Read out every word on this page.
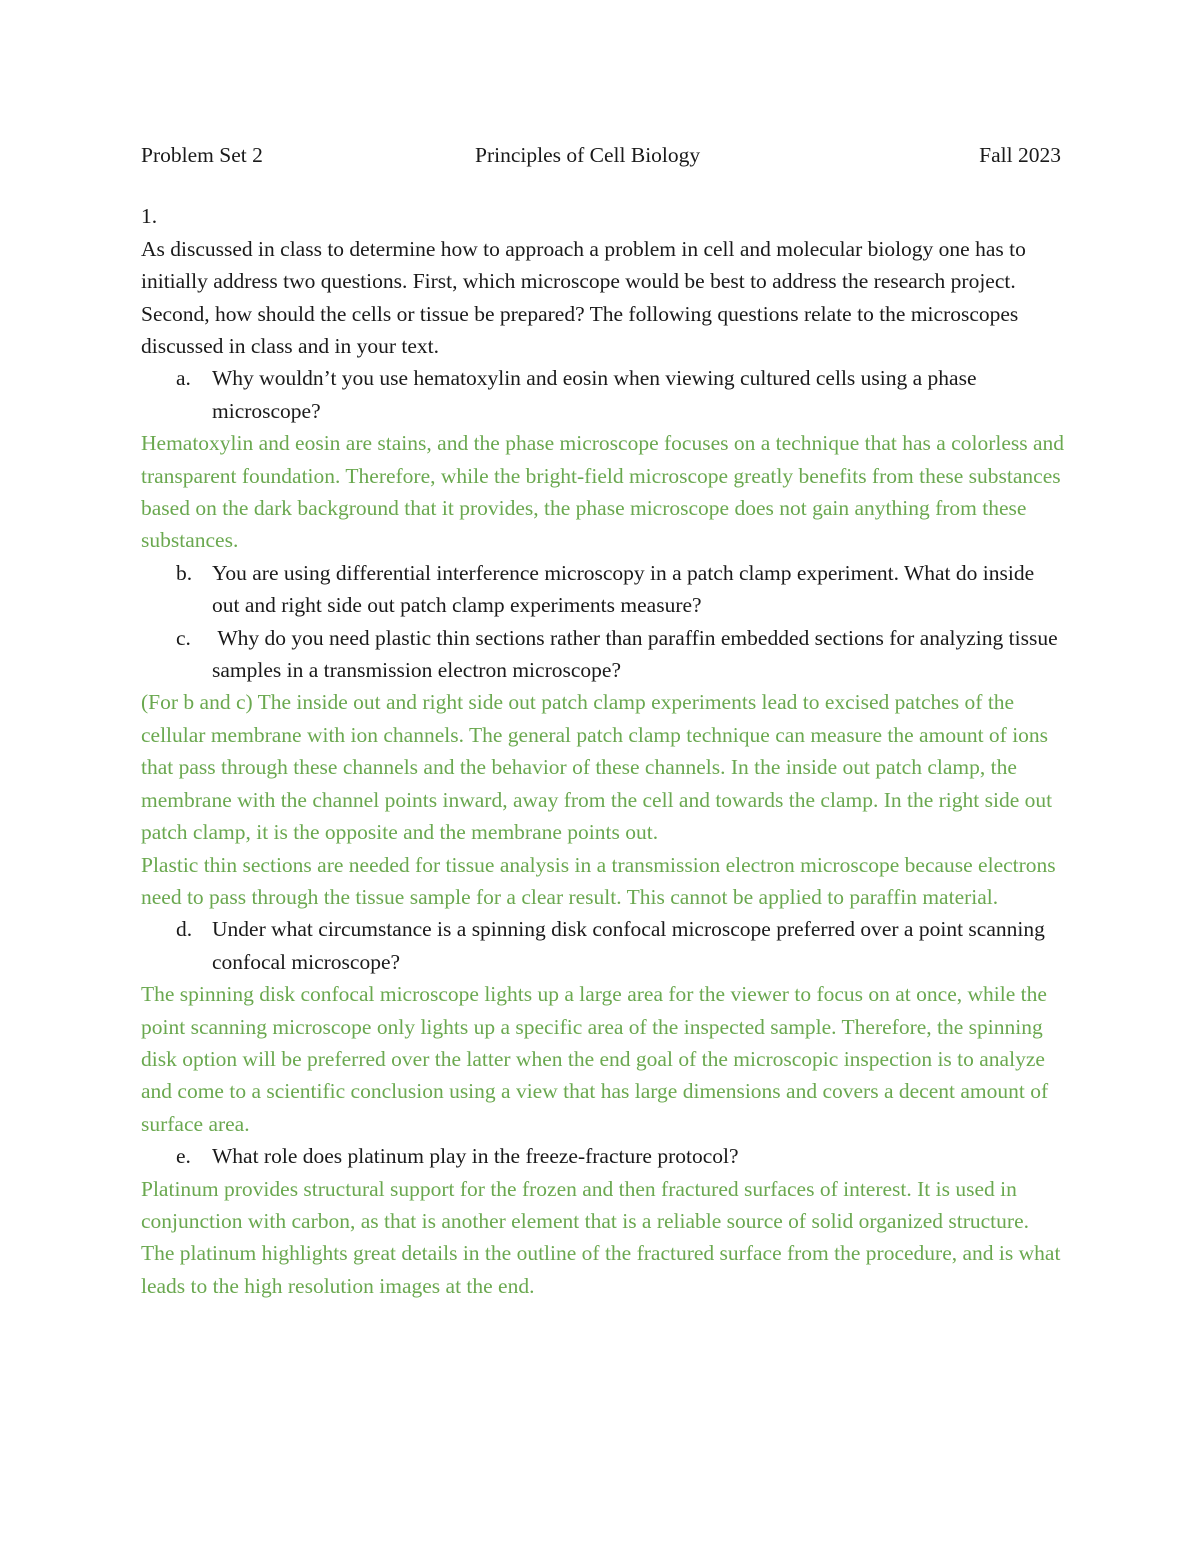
Problem Set 2	Principles of Cell Biology	Fall 2023

1.

As discussed in class to determine how to approach a problem in cell and molecular biology one has to initially address two questions. First, which microscope would be best to address the research project. Second, how should the cells or tissue be prepared? The following questions relate to the microscopes discussed in class and in your text.

a. Why wouldn’t you use hematoxylin and eosin when viewing cultured cells using a phase microscope?

Hematoxylin and eosin are stains, and the phase microscope focuses on a technique that has a colorless and transparent foundation. Therefore, while the bright-field microscope greatly benefits from these substances based on the dark background that it provides, the phase microscope does not gain anything from these substances.

b. You are using differential interference microscopy in a patch clamp experiment. What do inside out and right side out patch clamp experiments measure?
c. Why do you need plastic thin sections rather than paraffin embedded sections for analyzing tissue samples in a transmission electron microscope?

(For b and c) The inside out and right side out patch clamp experiments lead to excised patches of the cellular membrane with ion channels. The general patch clamp technique can measure the amount of ions that pass through these channels and the behavior of these channels. In the inside out patch clamp, the membrane with the channel points inward, away from the cell and towards the clamp. In the right side out patch clamp, it is the opposite and the membrane points out.

Plastic thin sections are needed for tissue analysis in a transmission electron microscope because electrons need to pass through the tissue sample for a clear result. This cannot be applied to paraffin material.

d. Under what circumstance is a spinning disk confocal microscope preferred over a point scanning confocal microscope?

The spinning disk confocal microscope lights up a large area for the viewer to focus on at once, while the point scanning microscope only lights up a specific area of the inspected sample. Therefore, the spinning disk option will be preferred over the latter when the end goal of the microscopic inspection is to analyze and come to a scientific conclusion using a view that has large dimensions and covers a decent amount of surface area.

e. What role does platinum play in the freeze-fracture protocol?

Platinum provides structural support for the frozen and then fractured surfaces of interest. It is used in conjunction with carbon, as that is another element that is a reliable source of solid organized structure. The platinum highlights great details in the outline of the fractured surface from the procedure, and is what leads to the high resolution images at the end.
